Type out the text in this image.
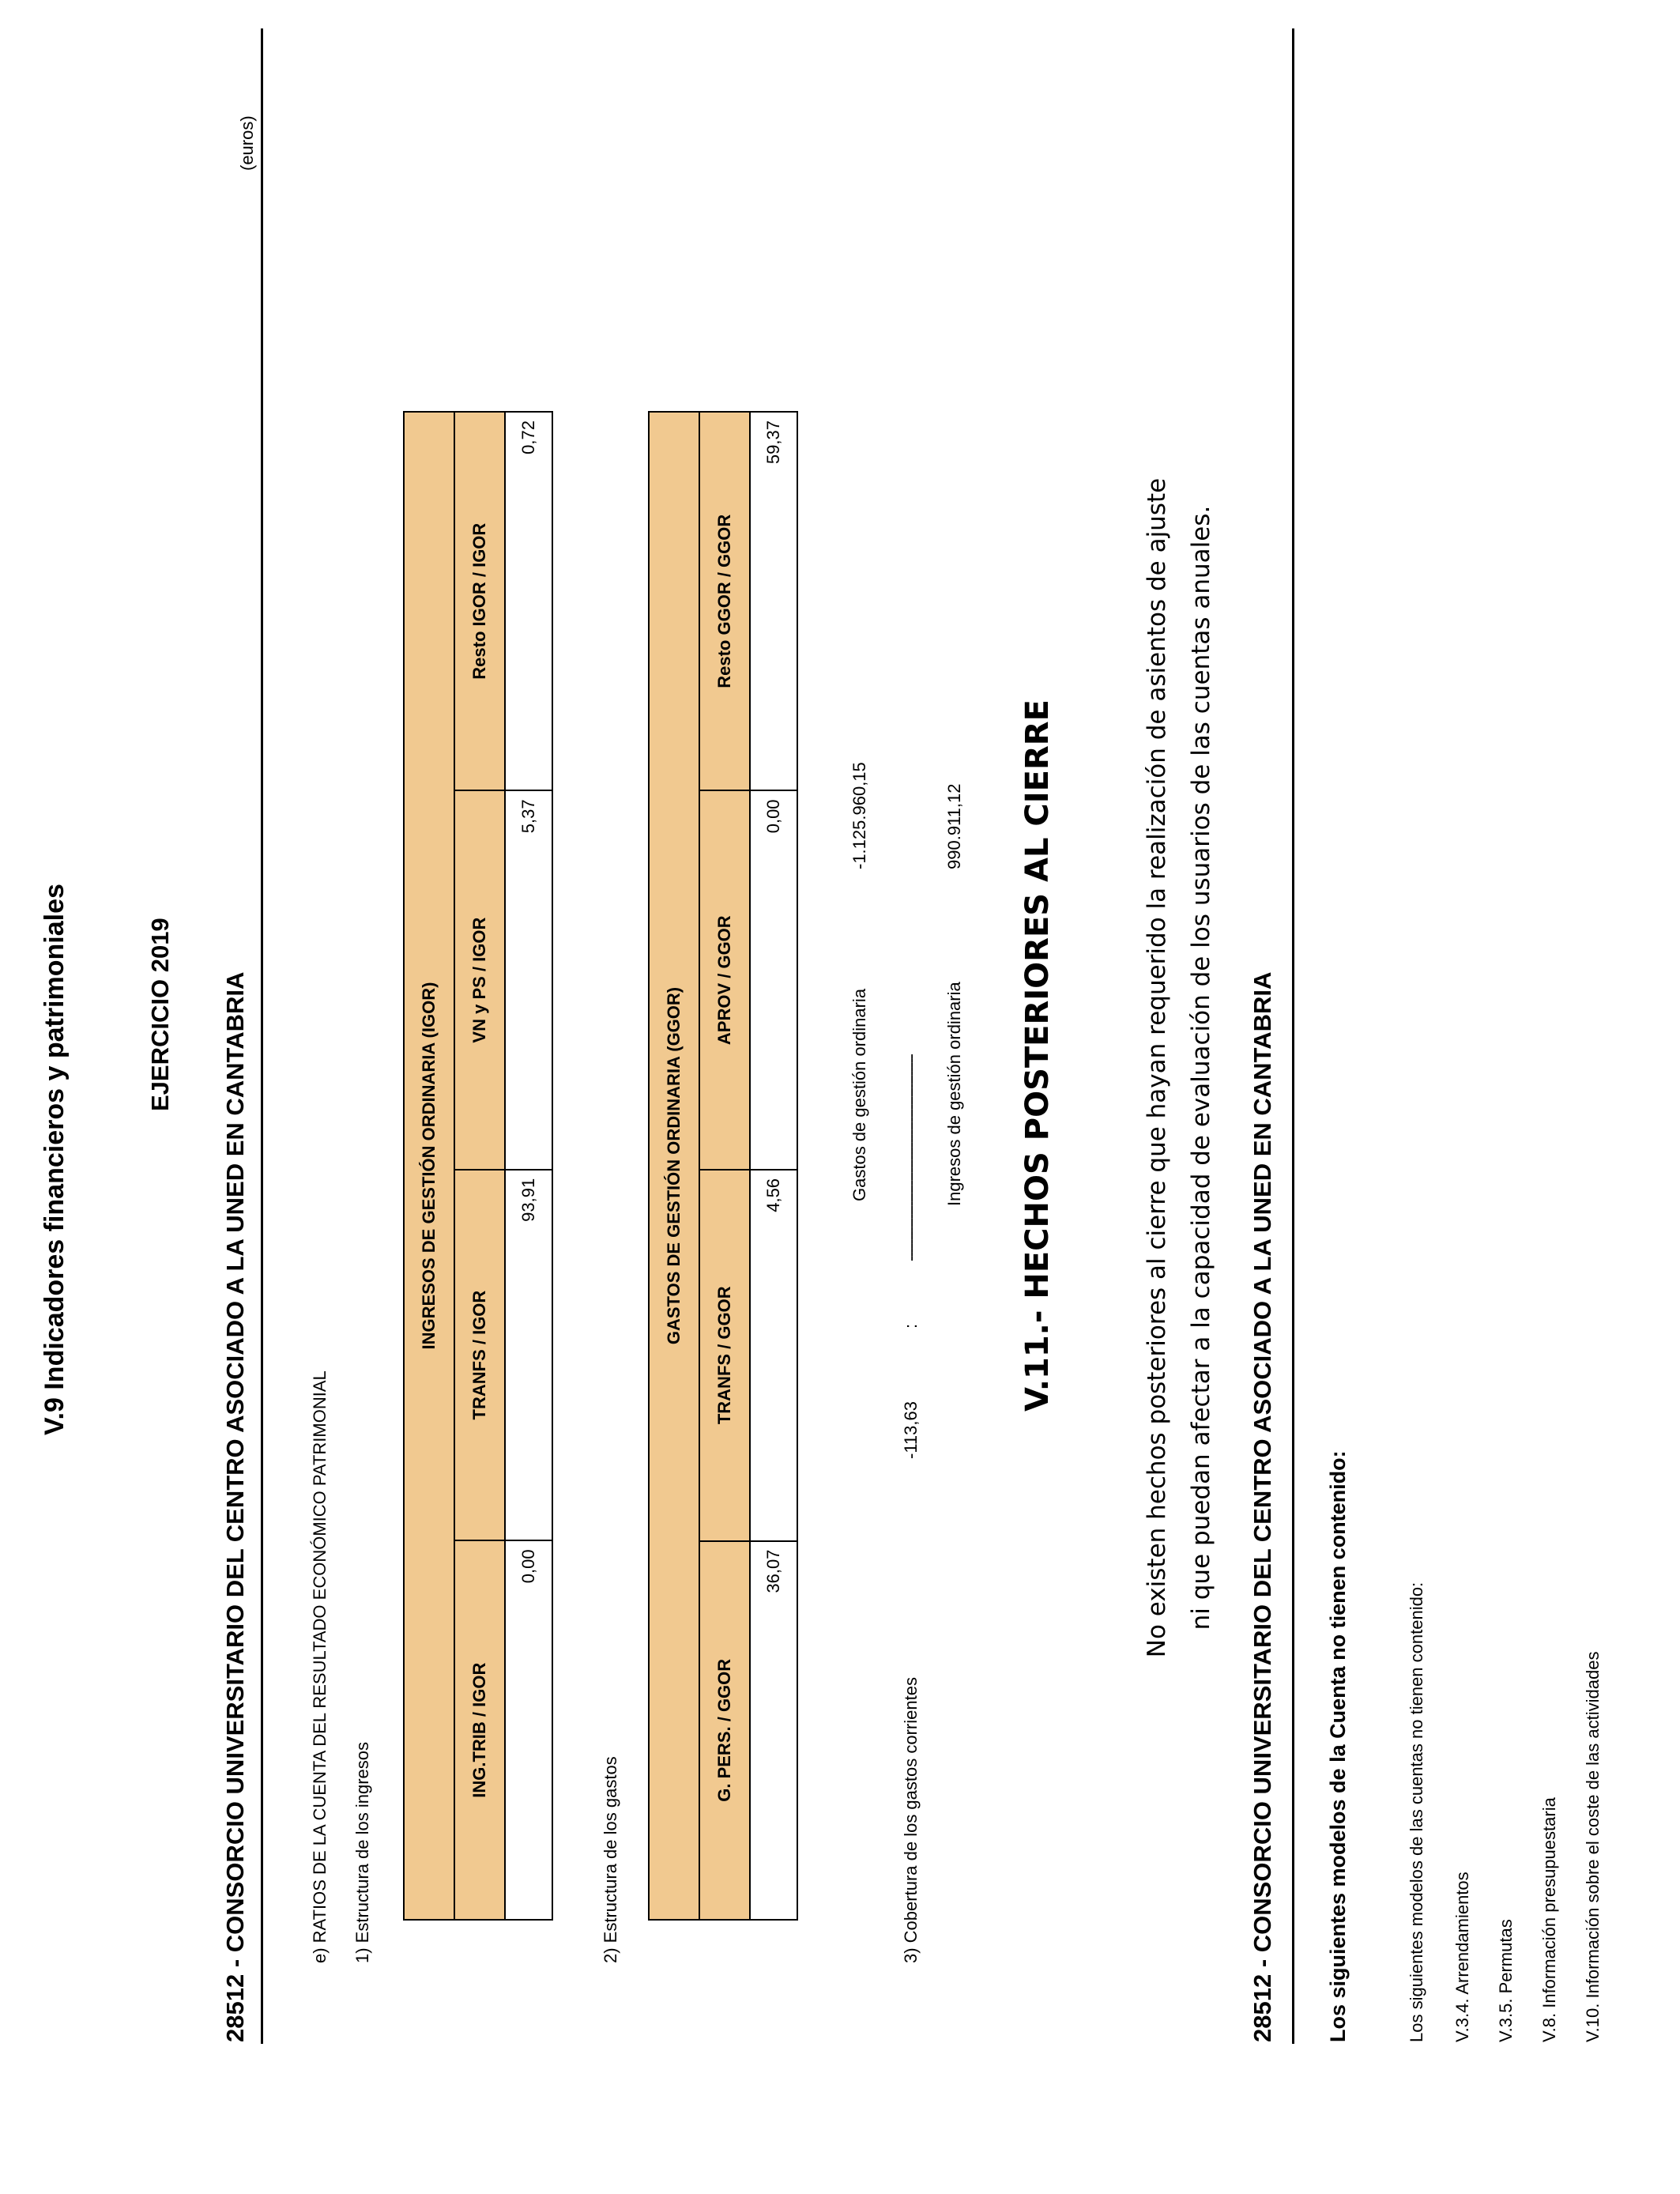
V.9 Indicadores financieros y patrimoniales
(euros)
28512 - CONSORCIO UNIVERSITARIO DEL CENTRO ASOCIADO A LA UNED EN CANTABRIA
EJERCICIO 2019
e) RATIOS DE LA CUENTA DEL RESULTADO ECONÓMICO PATRIMONIAL 1) Estructura de los ingresos
INGRESOS DE GESTIÓN ORDINARIA (IGOR)			
ING.TRIB / IGOR	TRANFS / IGOR	VN y PS / IGOR	Resto IGOR / IGOR
0,00	93,91	5,37	0,72
2) Estructura de los gastos
GASTOS DE GESTIÓN ORDINARIA (GGOR)			
G. PERS. / GGOR	TRANFS / GGOR	APROV / GGOR	Resto GGOR / GGOR
36,07	4,56	0,00	59,37
3) Cobertura de los gastos corrientes
-113,63
:
Gastos de gestión ordinaria
-1.125.960,15
------------------------------------------------- Ingresos de gestión ordinaria
990.911,12 V.11.- HECHOS POSTERIORES AL CIERRE	No existen hechos posteriores al cierre que hayan requerido la realización de asientos de ajuste ni que puedan afectar a la capacidad de evaluación de los usuarios de las cuentas anuales.	28512 - CONSORCIO UNIVERSITARIO DEL CENTRO ASOCIADO A LA UNED EN CANTABRIA Los siguientes modelos de la Cuenta no tienen contenido:	Los siguientes modelos de las cuentas no tienen contenido: V.3.4. Arrendamientos V.3.5. Permutas V.8. Información presupuestaria V.10. Información sobre el coste de las actividades
